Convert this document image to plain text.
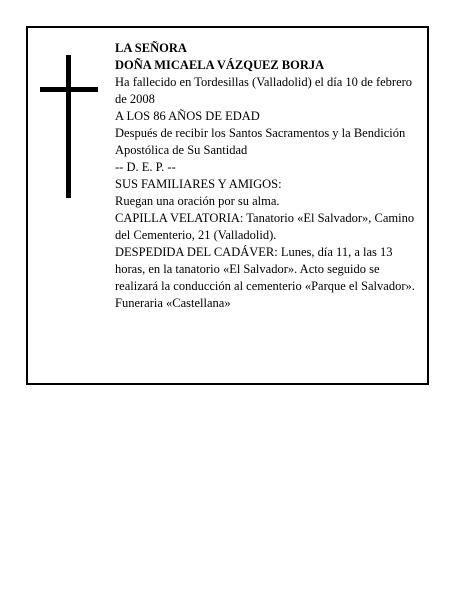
LA SEÑORA
DOÑA MICAELA VÁZQUEZ BORJA
Ha fallecido en Tordesillas (Valladolid) el día 10 de febrero de 2008
A LOS 86 AÑOS DE EDAD
Después de recibir los Santos Sacramentos y la Bendición Apostólica de Su Santidad
-- D. E. P. --
SUS FAMILIARES Y AMIGOS:
Ruegan una oración por su alma.
CAPILLA VELATORIA: Tanatorio «El Salvador», Camino del Cementerio, 21 (Valladolid).
DESPEDIDA DEL CADÁVER: Lunes, día 11, a las 13 horas, en la tanatorio «El Salvador». Acto seguido se realizará la conducción al cementerio «Parque el Salvador».
Funeraria «Castellana»
